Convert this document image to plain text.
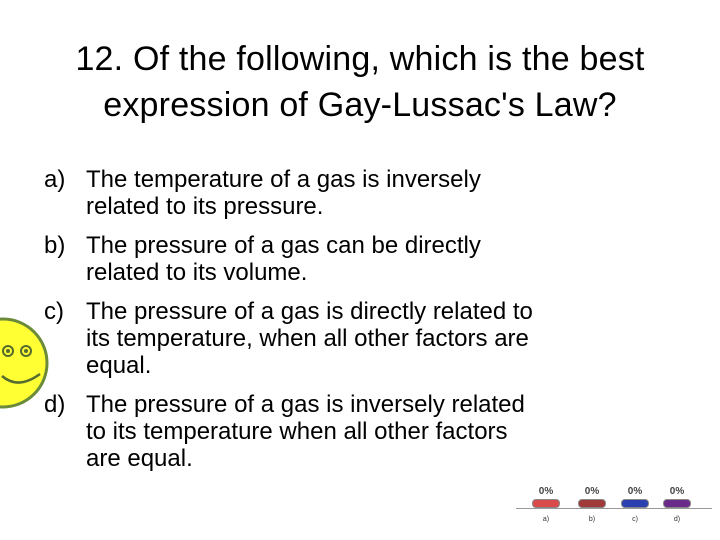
12. Of the following, which is the best
expression of Gay-Lussac's Law?
a) The temperature of a gas is inversely
related to its pressure.
b) The pressure of a gas can be directly
related to its volume.
c) The pressure of a gas is directly related to
its temperature, when all other factors are
equal.
d) The pressure of a gas is inversely related
to its temperature when all other factors
are equal.
0%	0%	0%	0%
a)	b)	c)	d)
